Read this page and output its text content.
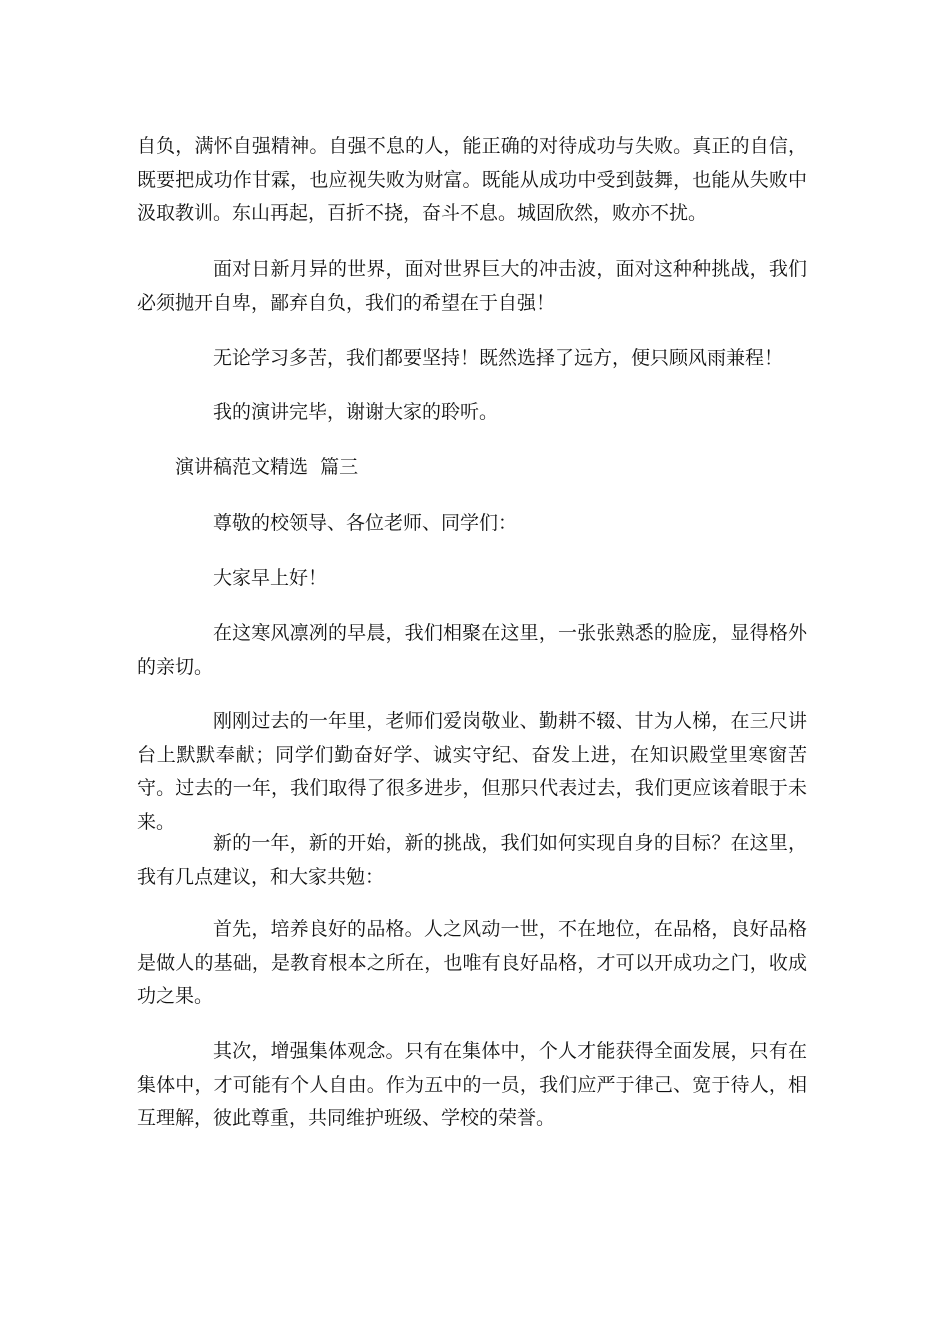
自负，满怀自强精神。自强不息的人，能正确的对待成功与失败。真正的自信，既要把成功作甘霖，也应视失败为财富。既能从成功中受到鼓舞，也能从失败中汲取教训。东山再起，百折不挠，奋斗不息。城固欣然，败亦不扰。

面对日新月异的世界，面对世界巨大的冲击波，面对这种种挑战，我们必须抛开自卑，鄙弃自负，我们的希望在于自强！

无论学习多苦，我们都要坚持！既然选择了远方，便只顾风雨兼程！

我的演讲完毕，谢谢大家的聆听。

演讲稿范文精选  篇三

尊敬的校领导、各位老师、同学们：

大家早上好！

在这寒风凛冽的早晨，我们相聚在这里，一张张熟悉的脸庞，显得格外的亲切。

刚刚过去的一年里，老师们爱岗敬业、勤耕不辍、甘为人梯，在三尺讲台上默默奉献；同学们勤奋好学、诚实守纪、奋发上进，在知识殿堂里寒窗苦守。过去的一年，我们取得了很多进步，但那只代表过去，我们更应该着眼于未来。

新的一年，新的开始，新的挑战，我们如何实现自身的目标？在这里，我有几点建议，和大家共勉：

首先，培养良好的品格。人之风动一世，不在地位，在品格，良好品格是做人的基础，是教育根本之所在，也唯有良好品格，才可以开成功之门，收成功之果。

其次，增强集体观念。只有在集体中，个人才能获得全面发展，只有在集体中，才可能有个人自由。作为五中的一员，我们应严于律己、宽于待人，相互理解，彼此尊重，共同维护班级、学校的荣誉。
